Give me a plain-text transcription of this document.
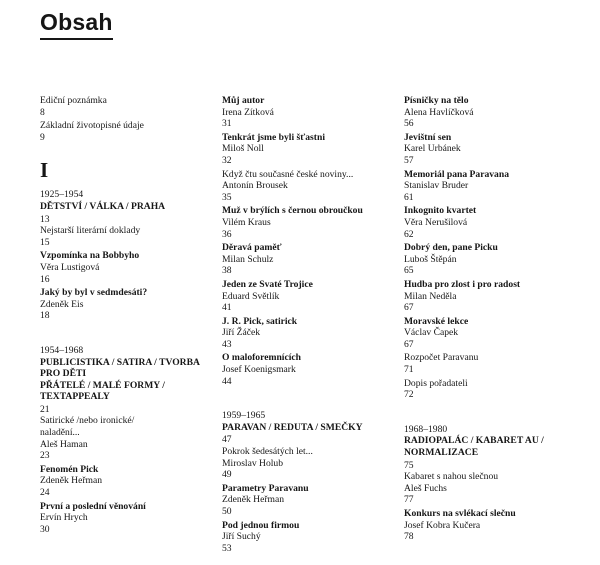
Obsah
Ediční poznámka
8
Základní životopisné údaje
9
I
1925–1954
DĚTSTVÍ / VÁLKA / PRAHA
13
Nejstarší literární doklady
15
Vzpomínka na Bobbyho
Věra Lustigová
16
Jaký by byl v sedmdesáti?
Zdeněk Eis
18
1954–1968
PUBLICISTIKA / SATIRA / TVORBA
PRO DĚTI
PŘÁTELÉ / MALÉ FORMY /
TEXTAPPEALY
21
Satirické /nebo ironické/
naladění...
Aleš Haman
23
Fenomén Pick
Zdeněk Heřman
24
První a poslední věnování
Ervín Hrych
30
Můj autor
Irena Zítková
31
Tenkrát jsme byli šťastni
Miloš Noll
32
Když čtu současné české noviny...
Antonín Brousek
35
Muž v brýlích s černou obroučkou
Vilém Kraus
36
Děravá paměť
Milan Schulz
38
Jeden ze Svaté Trojice
Eduard Světlík
41
J. R. Pick, satirick
Jiří Žáček
43
O maloforemnících
Josef Koenigsmark
44
1959–1965
PARAVAN / REDUTA / SMEČKY
47
Pokrok šedesátých let...
Miroslav Holub
49
Parametry Paravanu
Zdeněk Heřman
50
Pod jednou firmou
Jiří Suchý
53
Písničky na tělo
Alena Havlíčková
56
Jevištní sen
Karel Urbánek
57
Memoriál pana Paravana
Stanislav Bruder
61
Inkognito kvartet
Věra Nerušilová
62
Dobrý den, pane Picku
Luboš Štěpán
65
Hudba pro zlost i pro radost
Milan Neděla
67
Moravské lekce
Václav Čapek
67
Rozpočet Paravanu
71
Dopis pořadateli
72
1968–1980
RADIOPALÁC / KABARET AU /
NORMALIZACE
75
Kabaret s nahou slečnou
Aleš Fuchs
77
Konkurs na svlékací slečnu
Josef Kobra Kučera
78
